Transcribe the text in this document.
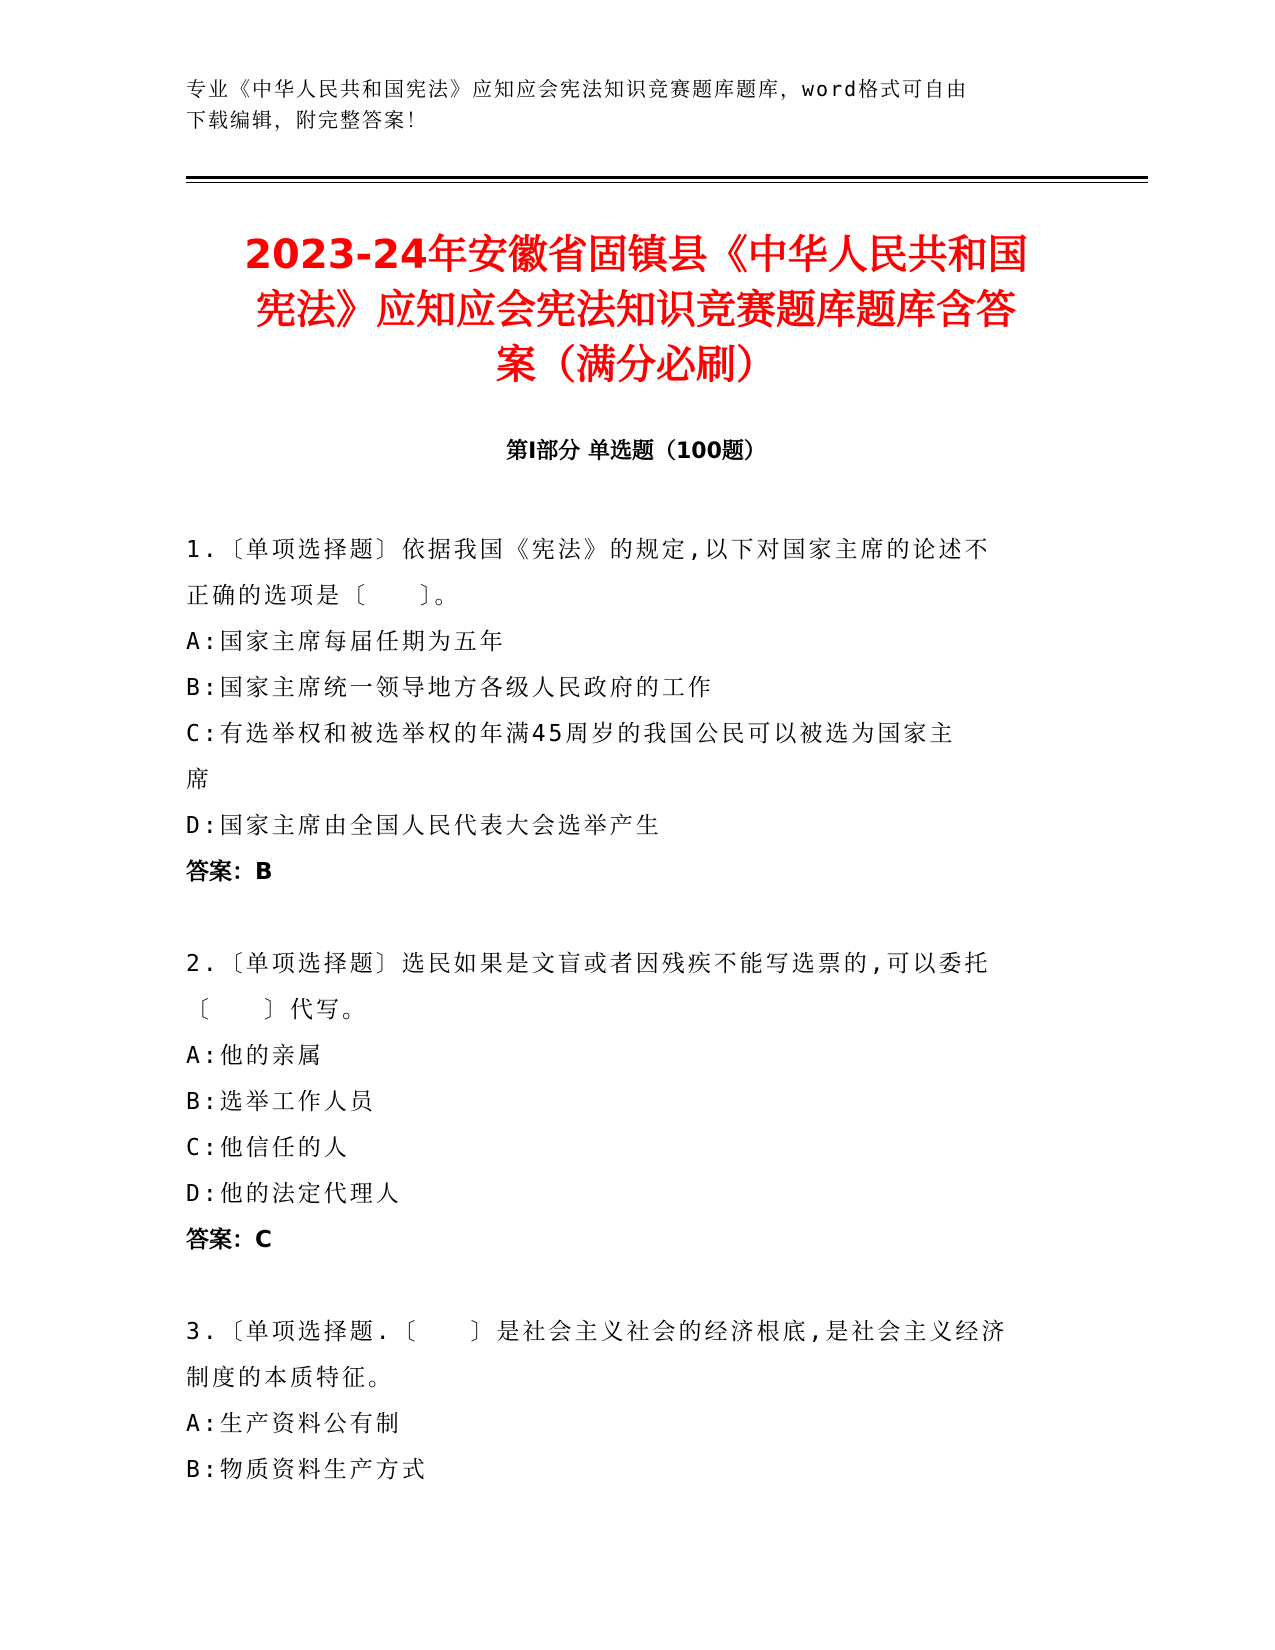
专业《中华人民共和国宪法》应知应会宪法知识竞赛题库题库，word格式可自由
下载编辑，附完整答案！
2023-24年安徽省固镇县《中华人民共和国
宪法》应知应会宪法知识竞赛题库题库含答
案（满分必刷）
第I部分 单选题（100题）
1.〔单项选择题〕依据我国《宪法》的规定,以下对国家主席的论述不
正确的选项是〔　　〕。
A:国家主席每届任期为五年
B:国家主席统一领导地方各级人民政府的工作
C:有选举权和被选举权的年满45周岁的我国公民可以被选为国家主
席
D:国家主席由全国人民代表大会选举产生
答案：B
2.〔单项选择题〕选民如果是文盲或者因残疾不能写选票的,可以委托
〔　　〕代写。
A:他的亲属
B:选举工作人员
C:他信任的人
D:他的法定代理人
答案：C
3.〔单项选择题.〔　　〕是社会主义社会的经济根底,是社会主义经济
制度的本质特征。
A:生产资料公有制
B:物质资料生产方式
